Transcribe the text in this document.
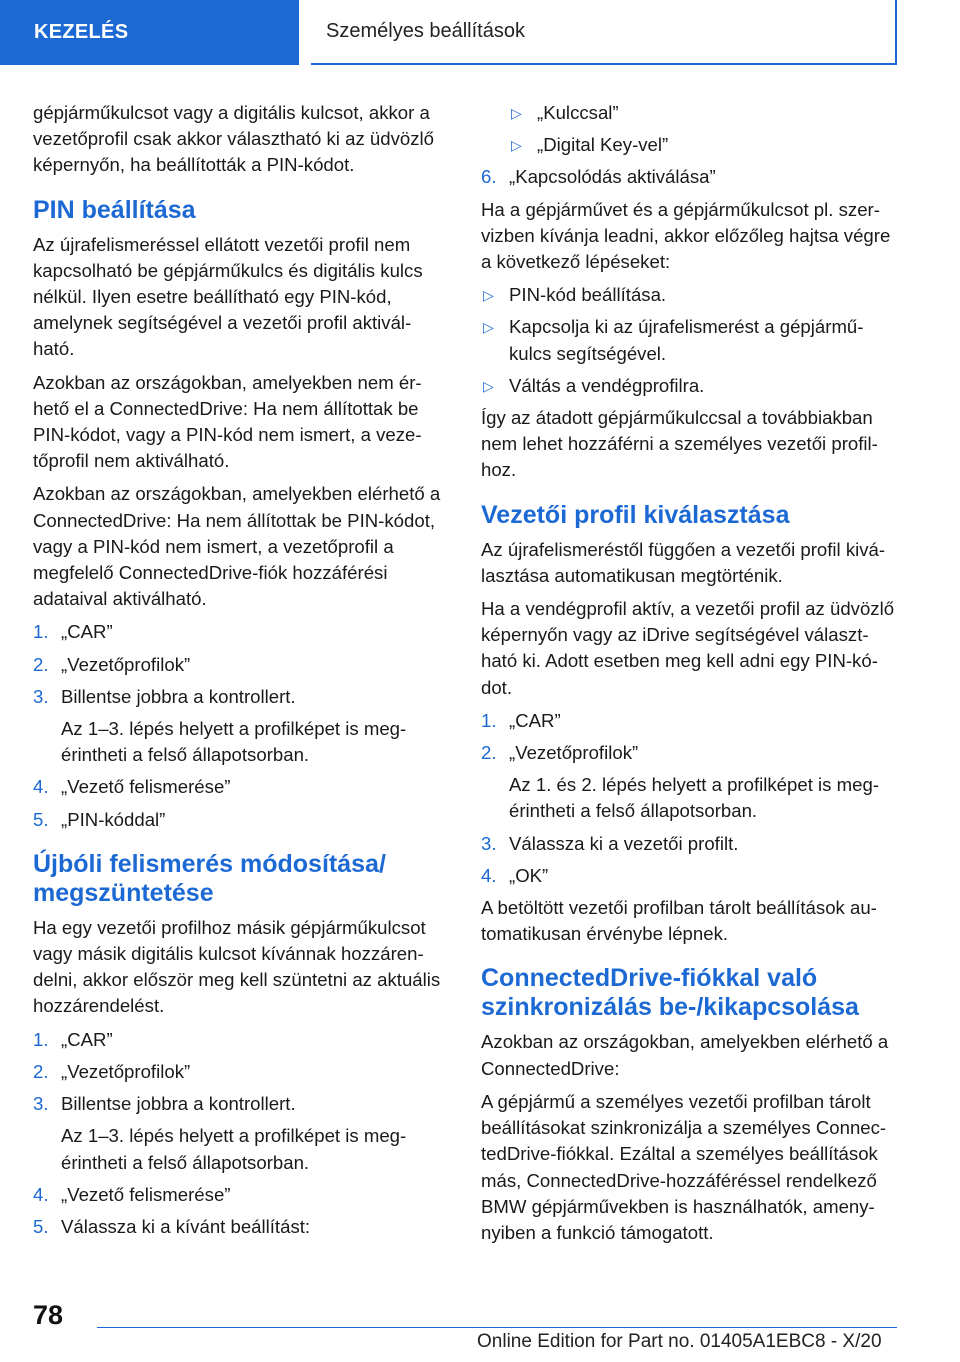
KEZELÉS	Személyes beállítások

gépjárműkulcsot vagy a digitális kulcsot, akkor a vezetőprofil csak akkor választható ki az üdvözlő képernyőn, ha beállították a PIN-kódot.

PIN beállítása

Az újrafelismeréssel ellátott vezetői profil nem kapcsolható be gépjárműkulcs és digitális kulcs nélkül. Ilyen esetre beállítható egy PIN-kód, amelynek segítségével a vezetői profil aktivál-ható.

Azokban az országokban, amelyekben nem ér-hető el a ConnectedDrive: Ha nem állítottak be PIN-kódot, vagy a PIN-kód nem ismert, a veze-tőprofil nem aktiválható.

Azokban az országokban, amelyekben elérhető a ConnectedDrive: Ha nem állítottak be PIN-kódot, vagy a PIN-kód nem ismert, a vezetőprofil a megfelelő ConnectedDrive-fiók hozzáférési adataival aktiválható.

1. „CAR”
2. „Vezetőprofilok”
3. Billentse jobbra a kontrollert.
Az 1–3. lépés helyett a profilképet is meg-érintheti a felső állapotsorban.
4. „Vezető felismerése”
5. „PIN-kóddal”
Újbóli felismerés módosítása/ megszüntetése

Ha egy vezetői profilhoz másik gépjárműkulcsot vagy másik digitális kulcsot kívánnak hozzáren-delni, akkor először meg kell szüntetni az aktuális hozzárendelést.

1. „CAR”
2. „Vezetőprofilok”
3. Billentse jobbra a kontrollert.
Az 1–3. lépés helyett a profilképet is meg-érintheti a felső állapotsorban.
4. „Vezető felismerése”
5. Válassza ki a kívánt beállítást:
▷ „Kulccsal”
▷ „Digital Key-vel”
6. „Kapcsolódás aktiválása”

Ha a gépjárművet és a gépjárműkulcsot pl. szer-vizben kívánja leadni, akkor előzőleg hajtsa végre a következő lépéseket:

▷ PIN-kód beállítása.
▷ Kapcsolja ki az újrafelismerést a gépjármű-kulcs segítségével.
▷ Váltás a vendégprofilra.

Így az átadott gépjárműkulccsal a továbbiakban nem lehet hozzáférni a személyes vezetői profil-hoz.

Vezetői profil kiválasztása

Az újrafelismeréstől függően a vezetői profil kivá-lasztása automatikusan megtörténik.

Ha a vendégprofil aktív, a vezetői profil az üdvözlő képernyőn vagy az iDrive segítségével választ-ható ki. Adott esetben meg kell adni egy PIN-kó-dot.

1. „CAR”
2. „Vezetőprofilok”
Az 1. és 2. lépés helyett a profilképet is meg-érintheti a felső állapotsorban.
3. Válassza ki a vezetői profilt.
4. „OK”

A betöltött vezetői profilban tárolt beállítások au-tomatikusan érvénybe lépnek.

ConnectedDrive-fiókkal való szinkronizálás be-/kikapcsolása

Azokban az országokban, amelyekben elérhető a ConnectedDrive:

A gépjármű a személyes vezetői profilban tárolt beállításokat szinkronizálja a személyes Connec-tedDrive-fiókkal. Ezáltal a személyes beállítások más, ConnectedDrive-hozzáféréssel rendelkező BMW gépjárművekben is használhatók, ameny-nyiben a funkció támogatott.

78
Online Edition for Part no. 01405A1EBC8 - X/20
